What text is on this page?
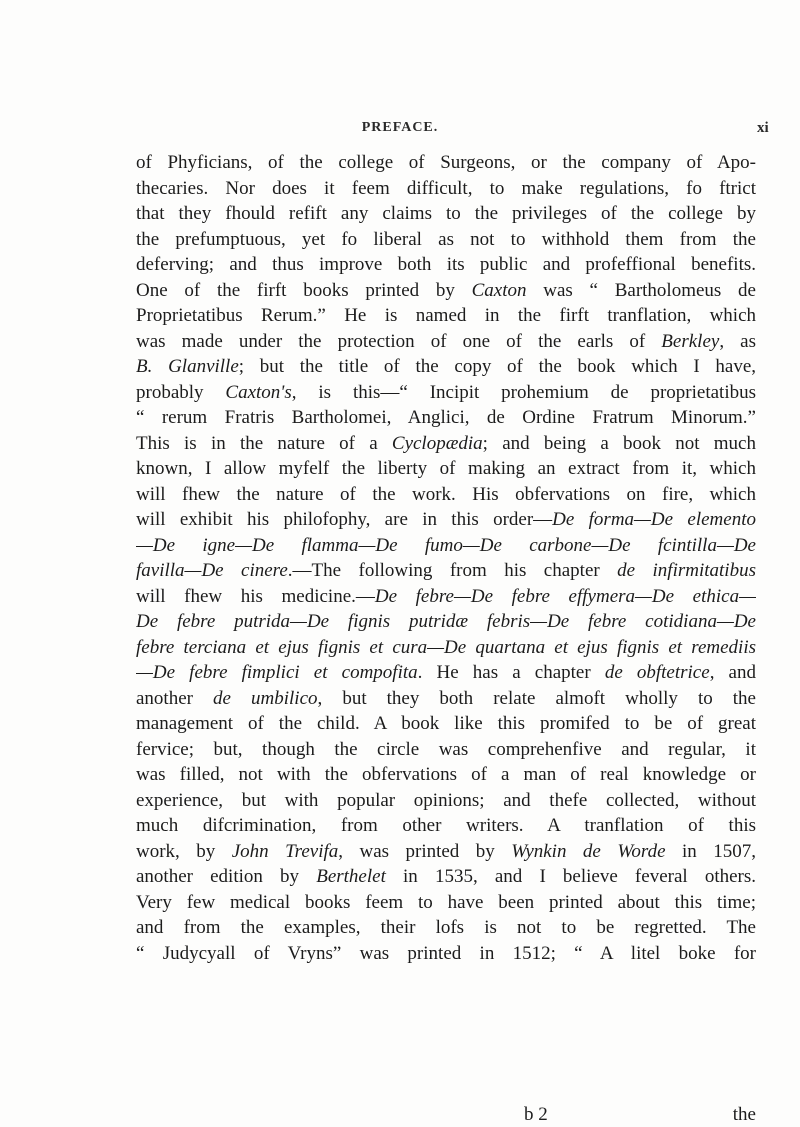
PREFACE.	xi
of Phyficians, of the college of Surgeons, or the company of Apo-
thecaries. Nor does it feem difficult, to make regulations, fo ftrict
that they fhould refift any claims to the privileges of the college by
the prefumptuous, yet fo liberal as not to withhold them from the
deferving; and thus improve both its public and profeffional benefits.
One of the firft books printed by Caxton was “ Bartholomeus de
Proprietatibus Rerum.” He is named in the firft tranflation, which
was made under the protection of one of the earls of Berkley, as
B. Glanville; but the title of the copy of the book which I have,
probably Caxton's, is this—“ Incipit prohemium de proprietatibus
“ rerum Fratris Bartholomei, Anglici, de Ordine Fratrum Minorum.”
This is in the nature of a Cyclopædia; and being a book not much
known, I allow myfelf the liberty of making an extract from it, which
will fhew the nature of the work. His obfervations on fire, which
will exhibit his philofophy, are in this order—De forma—De elemento
—De igne—De flamma—De fumo—De carbone—De fcintilla—De
favilla—De cinere.—The following from his chapter de infirmitatibus
will fhew his medicine.—De febre—De febre effymera—De ethica—
De febre putrida—De fignis putridæ febris—De febre cotidiana—De
febre terciana et ejus fignis et cura—De quartana et ejus fignis et remediis
—De febre fimplici et compofita. He has a chapter de obftetrice, and
another de umbilico, but they both relate almoft wholly to the
management of the child. A book like this promifed to be of great
fervice; but, though the circle was comprehenfive and regular, it
was filled, not with the obfervations of a man of real knowledge or
experience, but with popular opinions; and thefe collected, without
much difcrimination, from other writers. A tranflation of this
work, by John Trevifa, was printed by Wynkin de Worde in 1507,
another edition by Berthelet in 1535, and I believe feveral others.
Very few medical books feem to have been printed about this time;
and from the examples, their lofs is not to be regretted. The
“ Judycyall of Vryns” was printed in 1512; “ A litel boke for
b 2	the
